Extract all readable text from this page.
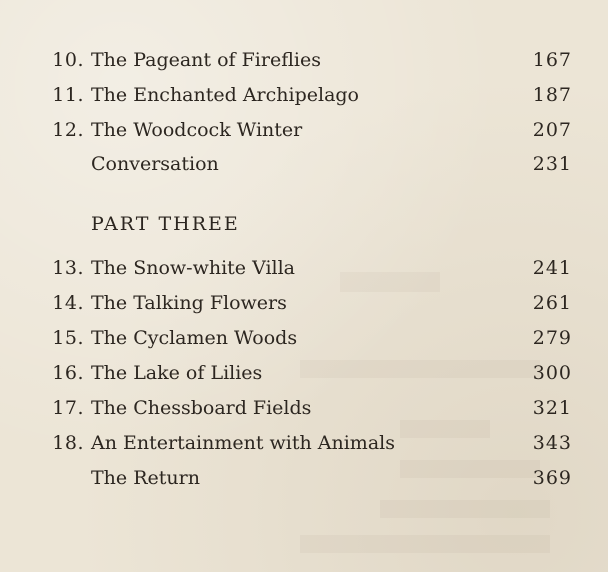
10. The Pageant of Fireflies	167
11. The Enchanted Archipelago	187
12. The Woodcock Winter	207
Conversation	231
PART THREE
13. The Snow-white Villa	241
14. The Talking Flowers	261
15. The Cyclamen Woods	279
16. The Lake of Lilies	300
17. The Chessboard Fields	321
18. An Entertainment with Animals	343
The Return	369
